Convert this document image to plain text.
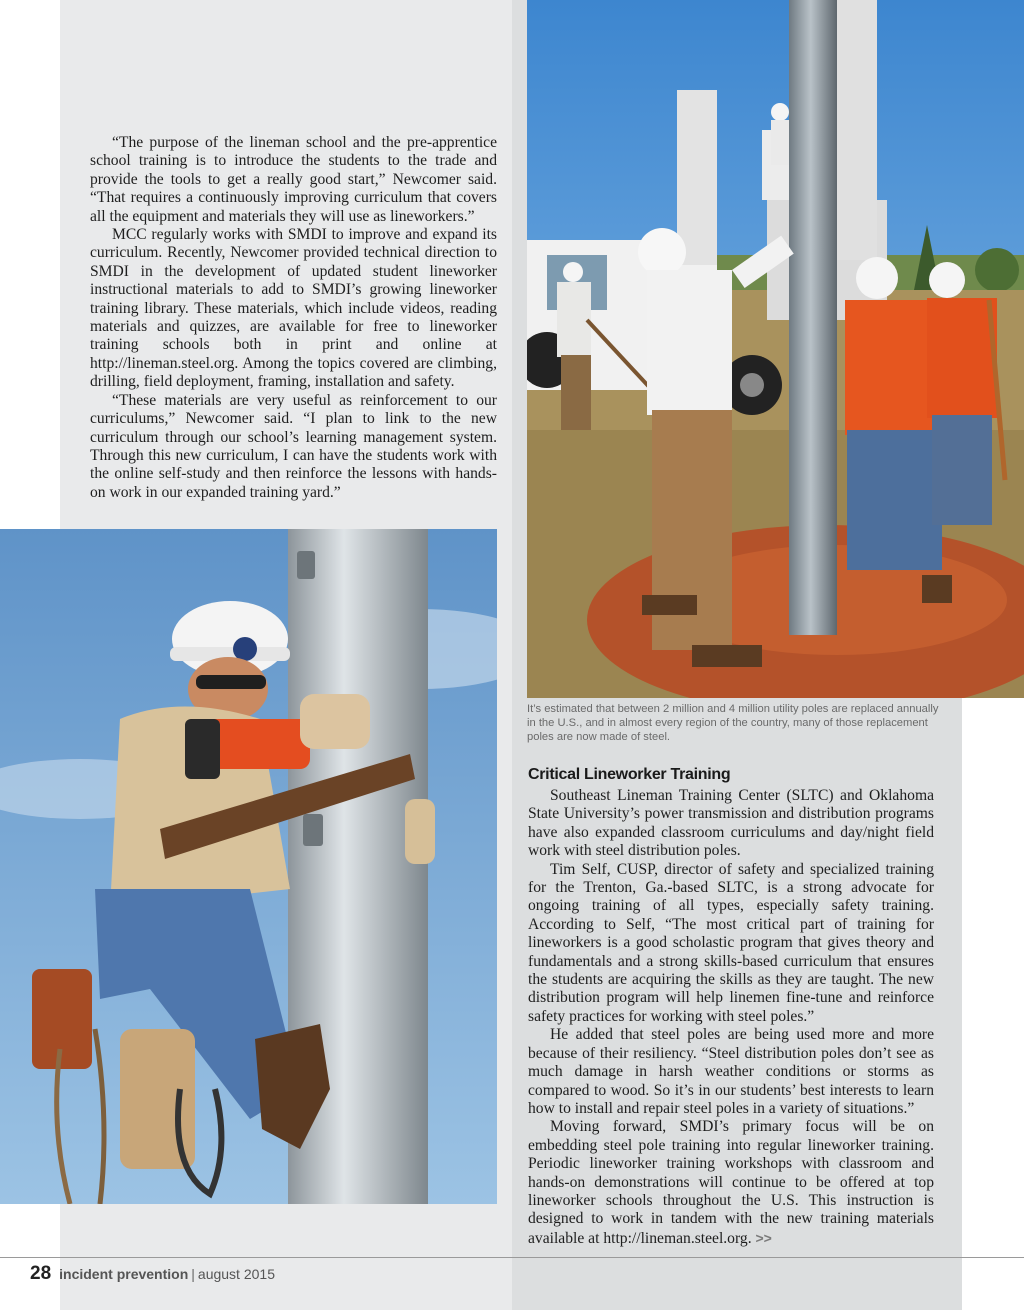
“The purpose of the lineman school and the pre-apprentice school training is to introduce the students to the trade and provide the tools to get a really good start,” Newcomer said. “That requires a continuously improving curriculum that covers all the equipment and materials they will use as lineworkers.”

MCC regularly works with SMDI to improve and expand its curriculum. Recently, Newcomer provided technical direction to SMDI in the development of updated student lineworker instructional materials to add to SMDI’s growing lineworker training library. These materials, which include videos, reading materials and quizzes, are available for free to lineworker training schools both in print and online at http://lineman.steel.org. Among the topics covered are climbing, drilling, field deployment, framing, installation and safety.

“These materials are very useful as reinforcement to our curriculums,” Newcomer said. “I plan to link to the new curriculum through our school’s learning management system. Through this new curriculum, I can have the students work with the online self-study and then reinforce the lessons with hands-on work in our expanded training yard.”

It’s estimated that between 2 million and 4 million utility poles are replaced annually in the U.S., and in almost every region of the country, many of those replacement poles are now made of steel.
Critical Lineworker Training

Southeast Lineman Training Center (SLTC) and Oklahoma State University’s power transmission and distribution programs have also expanded classroom curriculums and day/night field work with steel distribution poles.

Tim Self, CUSP, director of safety and specialized training for the Trenton, Ga.-based SLTC, is a strong advocate for ongoing training of all types, especially safety training. According to Self, “The most critical part of training for lineworkers is a good scholastic program that gives theory and fundamentals and a strong skills-based curriculum that ensures the students are acquiring the skills as they are taught. The new distribution program will help linemen fine-tune and reinforce safety practices for working with steel poles.”

He added that steel poles are being used more and more because of their resiliency. “Steel distribution poles don’t see as much damage in harsh weather conditions or storms as compared to wood. So it’s in our students’ best interests to learn how to install and repair steel poles in a variety of situations.”

Moving forward, SMDI’s primary focus will be on embedding steel pole training into regular lineworker training. Periodic lineworker training workshops with classroom and hands-on demonstrations will continue to be offered at top lineworker schools throughout the U.S. This instruction is designed to work in tandem with the new training materials available at http://lineman.steel.org. >>

28 incident prevention | august 2015
